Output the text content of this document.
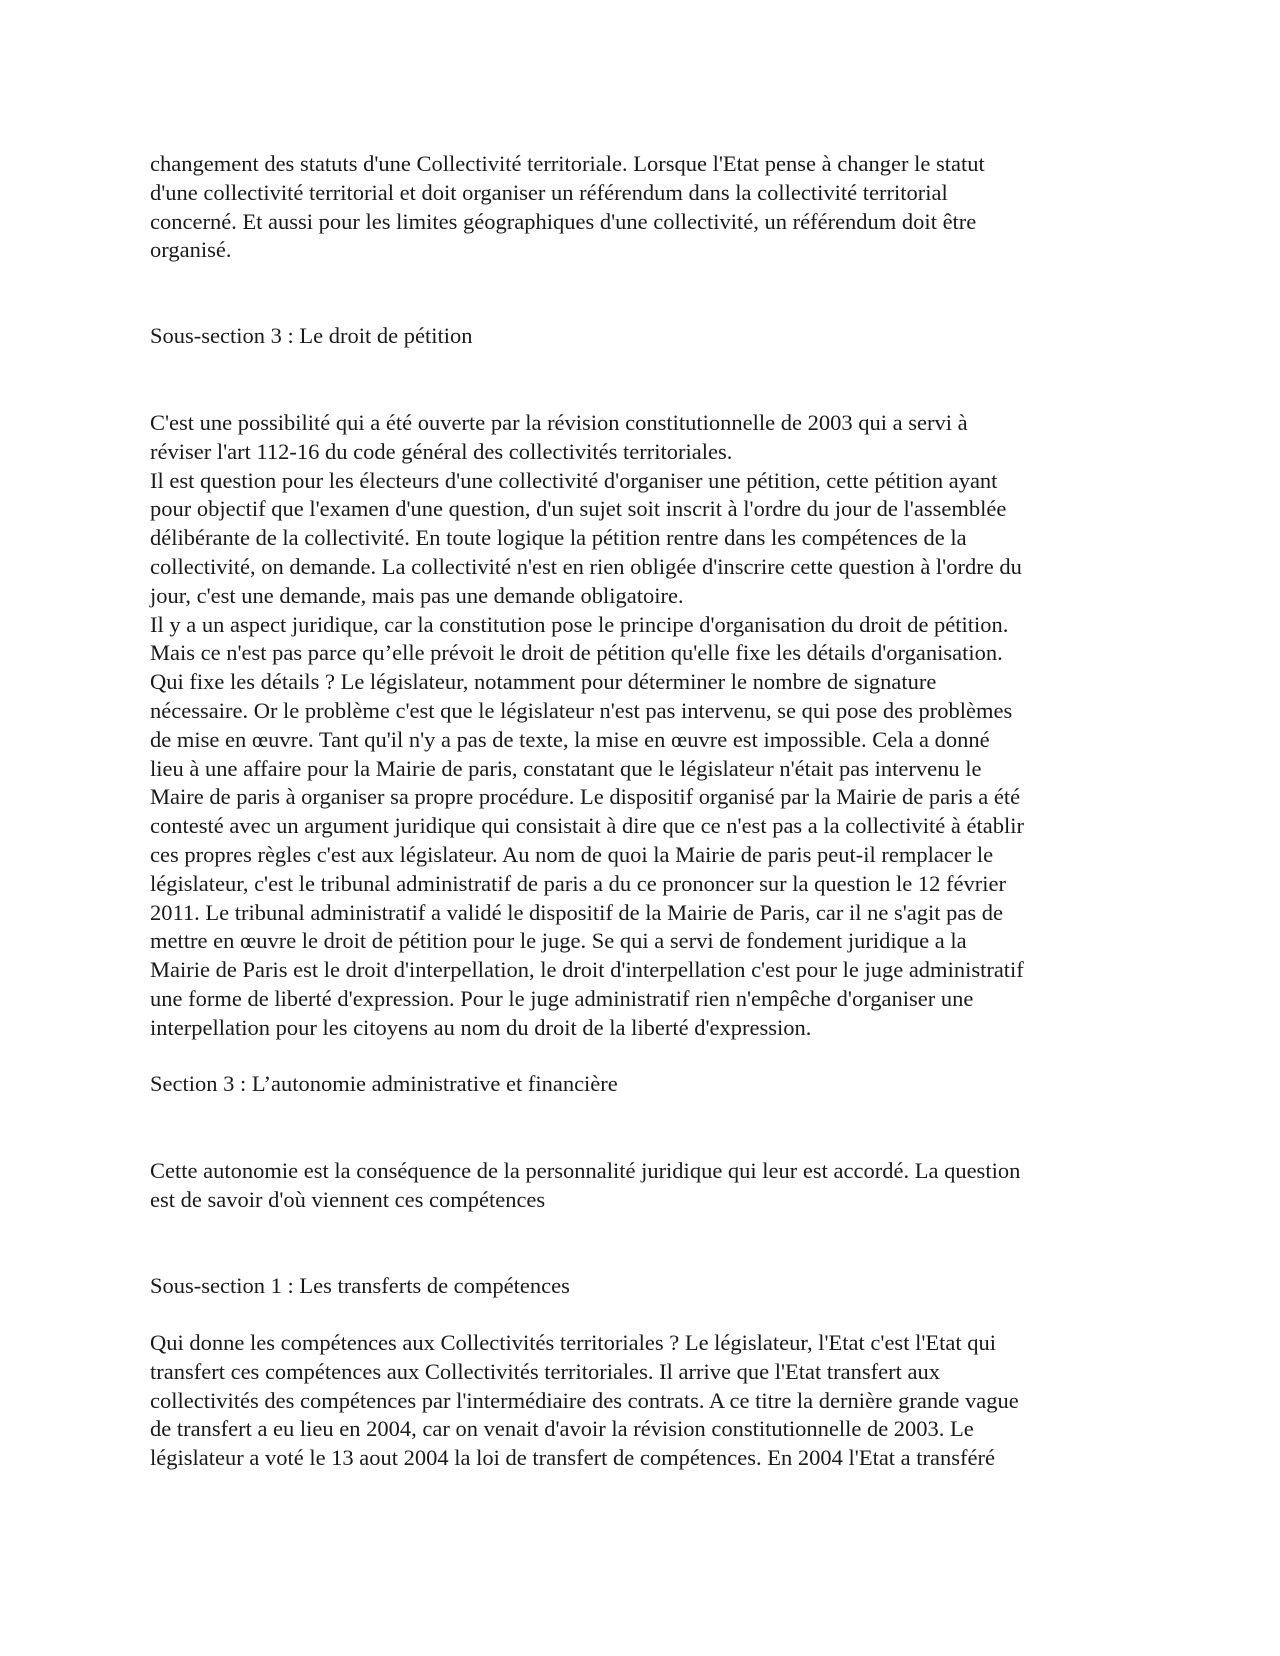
changement des statuts d'une Collectivité territoriale. Lorsque l'Etat pense à changer le statut
d'une collectivité territorial et doit organiser un référendum dans la collectivité territorial
concerné. Et aussi pour les limites géographiques d'une collectivité, un référendum doit être
organisé.
Sous-section 3 : Le droit de pétition
C'est une possibilité qui a été ouverte par la révision constitutionnelle de 2003 qui a servi à
réviser l'art 112-16 du code général des collectivités territoriales.
Il est question pour les électeurs d'une collectivité d'organiser une pétition, cette pétition ayant
pour objectif que l'examen d'une question, d'un sujet soit inscrit à l'ordre du jour de l'assemblée
délibérante de la collectivité. En toute logique la pétition rentre dans les compétences de la
collectivité, on demande. La collectivité n'est en rien obligée d'inscrire cette question à l'ordre du
jour, c'est une demande, mais pas une demande obligatoire.
Il y a un aspect juridique, car la constitution pose le principe d'organisation du droit de pétition.
Mais ce n'est pas parce qu’elle prévoit le droit de pétition qu'elle fixe les détails d'organisation.
Qui fixe les détails ? Le législateur, notamment pour déterminer le nombre de signature
nécessaire. Or le problème c'est que le législateur n'est pas intervenu, se qui pose des problèmes
de mise en œuvre. Tant qu'il n'y a pas de texte, la mise en œuvre est impossible. Cela a donné
lieu à une affaire pour la Mairie de paris, constatant que le législateur n'était pas intervenu le
Maire de paris à organiser sa propre procédure. Le dispositif organisé par la Mairie de paris a été
contesté avec un argument juridique qui consistait à dire que ce n'est pas a la collectivité à établir
ces propres règles c'est aux législateur. Au nom de quoi la Mairie de paris peut-il remplacer le
législateur, c'est le tribunal administratif de paris a du ce prononcer sur la question le 12 février
2011. Le tribunal administratif a validé le dispositif de la Mairie de Paris, car il ne s'agit pas de
mettre en œuvre le droit de pétition pour le juge. Se qui a servi de fondement juridique a la
Mairie de Paris est le droit d'interpellation, le droit d'interpellation c'est pour le juge administratif
une forme de liberté d'expression. Pour le juge administratif rien n'empêche d'organiser une
interpellation pour les citoyens au nom du droit de la liberté d'expression.
Section 3 : L’autonomie administrative et financière
Cette autonomie est la conséquence de la personnalité juridique qui leur est accordé. La question
est de savoir d'où viennent ces compétences
Sous-section 1 : Les transferts de compétences
Qui donne les compétences aux Collectivités territoriales ? Le législateur, l'Etat c'est l'Etat qui
transfert ces compétences aux Collectivités territoriales. Il arrive que l'Etat transfert aux
collectivités des compétences par l'intermédiaire des contrats. A ce titre la dernière grande vague
de transfert a eu lieu en 2004, car on venait d'avoir la révision constitutionnelle de 2003. Le
législateur a voté le 13 aout 2004 la loi de transfert de compétences. En 2004 l'Etat a transféré
